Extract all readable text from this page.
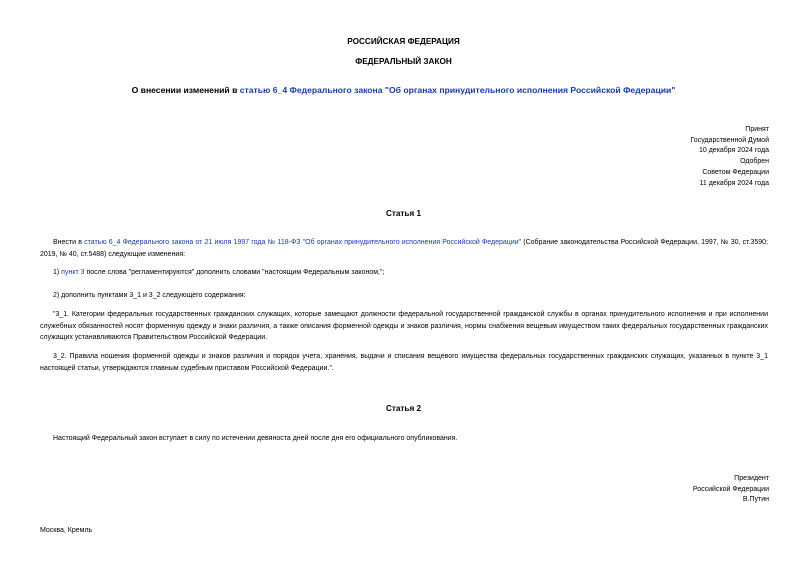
РОССИЙСКАЯ ФЕДЕРАЦИЯ
ФЕДЕРАЛЬНЫЙ ЗАКОН
О внесении изменений в статью 6_4 Федерального закона "Об органах принудительного исполнения Российской Федерации"
Принят
Государственной Думой
10 декабря 2024 года
Одобрен
Советом Федерации
11 декабря 2024 года
Статья 1
Внести в статью 6_4 Федерального закона от 21 июля 1997 года № 118-ФЗ "Об органах принудительного исполнения Российской Федерации" (Собрание законодательства Российской Федерации, 1997, № 30, ст.3590; 2019, № 40, ст.5488) следующие изменения:
1) пункт 3 после слова "регламентируются" дополнить словами "настоящим Федеральным законом,";
2) дополнить пунктами 3_1 и 3_2 следующего содержания:
"3_1. Категории федеральных государственных гражданских служащих, которые замещают должности федеральной государственной гражданской службы в органах принудительного исполнения и при исполнении служебных обязанностей носят форменную одежду и знаки различия, а также описания форменной одежды и знаков различия, нормы снабжения вещевым имуществом таких федеральных государственных гражданских служащих устанавливаются Правительством Российской Федерации.
3_2. Правила ношения форменной одежды и знаков различия и порядок учета, хранения, выдачи и списания вещевого имущества федеральных государственных гражданских служащих, указанных в пункте 3_1 настоящей статьи, утверждаются главным судебным приставом Российской Федерации.".
Статья 2
Настоящий Федеральный закон вступает в силу по истечении девяноста дней после дня его официального опубликования.
Президент
Российской Федерации
В.Путин
Москва, Кремль
